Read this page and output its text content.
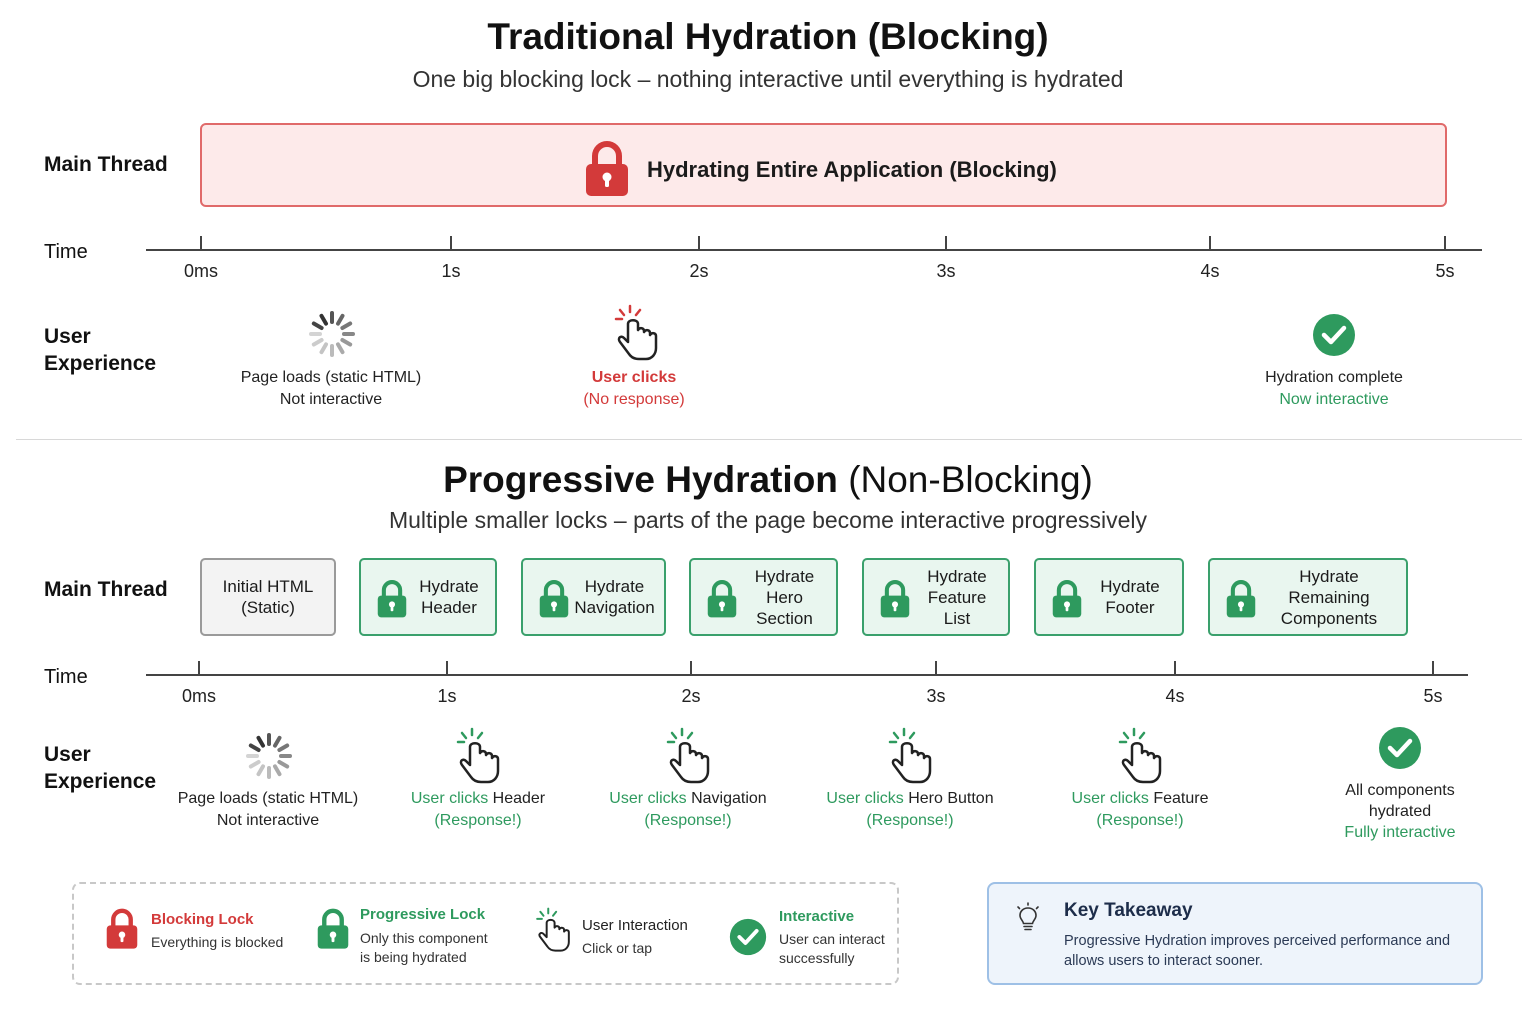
Traditional Hydration (Blocking)
One big blocking lock – nothing interactive until everything is hydrated
Main Thread	Hydrating Entire Application (Blocking)
Time
0ms	1s	2s	3s	4s	5s
User
Experience
Page loads (static HTML)
Not interactive
User clicks
(No response)
Hydration complete
Now interactive
Progressive Hydration (Non-Blocking)
Multiple smaller locks – parts of the page become interactive progressively
Main Thread	Initial HTML
(Static)
Hydrate
Header
Hydrate
Navigation
Hydrate
Hero
Section
Hydrate
Feature
List
Hydrate
Footer
Hydrate
Remaining
Components
Time
0ms	1s	2s	3s	4s	5s
User
Experience
Page loads (static HTML)
Not interactive
User clicks Header
(Response!)
User clicks Navigation
(Response!)
User clicks Hero Button
(Response!)
User clicks Feature
(Response!)
All components
hydrated
Fully interactive
Blocking Lock
Everything is blocked
Progressive Lock
Only this component
is being hydrated
User Interaction
Click or tap
Interactive
User can interact
successfully
Key Takeaway
Progressive Hydration improves perceived performance and allows users to interact sooner.
